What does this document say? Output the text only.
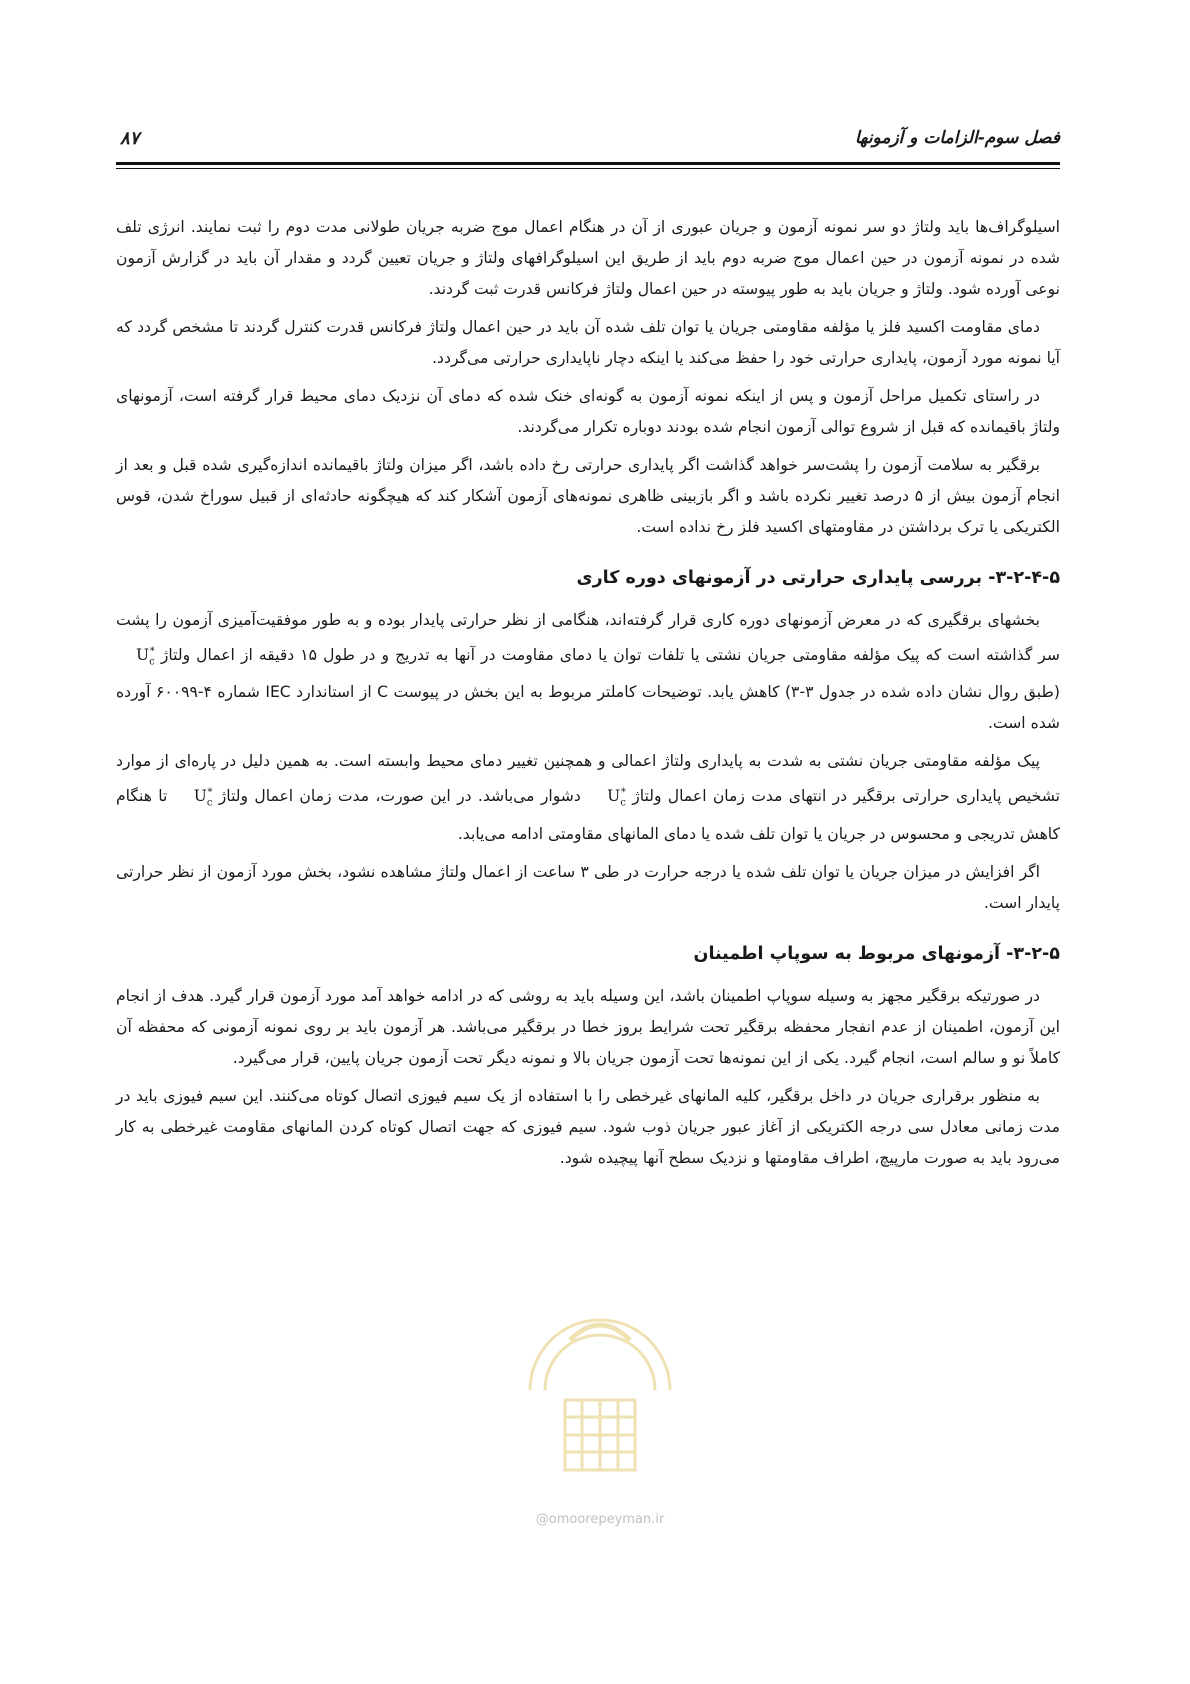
فصل سوم-الزامات و آزمونها
۸۷

اسیلوگراف‌ها باید ولتاژ دو سر نمونه آزمون و جریان عبوری از آن در هنگام اعمال موج ضربه جریان طولانی مدت دوم را ثبت نمایند. انرژی تلف شده در نمونه آزمون در حین اعمال موج ضربه دوم باید از طریق این اسیلوگرافهای ولتاژ و جریان تعیین گردد و مقدار آن باید در گزارش آزمون نوعی آورده شود. ولتاژ و جریان باید به طور پیوسته در حین اعمال ولتاژ فرکانس قدرت ثبت گردند.

دمای مقاومت اکسید فلز یا مؤلفه مقاومتی جریان یا توان تلف شده آن باید در حین اعمال ولتاژ فرکانس قدرت کنترل گردند تا مشخص گردد که آیا نمونه مورد آزمون، پایداری حرارتی خود را حفظ می‌کند یا اینکه دچار ناپایداری حرارتی می‌گردد.

در راستای تکمیل مراحل آزمون و پس از اینکه نمونه آزمون به گونه‌ای خنک شده که دمای آن نزدیک دمای محیط قرار گرفته است، آزمونهای ولتاژ باقیمانده که قبل از شروع توالی آزمون انجام شده بودند دوباره تکرار می‌گردند.

برقگیر به سلامت آزمون را پشت‌سر خواهد گذاشت اگر پایداری حرارتی رخ داده باشد، اگر میزان ولتاژ باقیمانده اندازه‌گیری شده قبل و بعد از انجام آزمون بیش از ۵ درصد تغییر نکرده باشد و اگر بازبینی ظاهری نمونه‌های آزمون آشکار کند که هیچگونه حادثه‌ای از قبیل سوراخ شدن، قوس الکتریکی یا ترک برداشتن در مقاومتهای اکسید فلز رخ نداده است.

۳-۲-۴-۵- بررسی پایداری حرارتی در آزمونهای دوره کاری

بخشهای برقگیری که در معرض آزمونهای دوره کاری قرار گرفته‌اند، هنگامی از نظر حرارتی پایدار بوده و به طور موفقیت‌آمیزی آزمون را پشت سر گذاشته است که پیک مؤلفه مقاومتی جریان نشتی یا تلفات توان یا دمای مقاومت در آنها به تدریج و در طول ۱۵ دقیقه از اعمال ولتاژ $U_c^*(طبق$ روال نشان داده شده در جدول ۳-۳) کاهش یابد. توضیحات کاملتر مربوط به این بخش در پیوست C از استاندارد IEC شماره ۴-۶۰۰۹۹ آورده شده است.

پیک مؤلفه مقاومتی جریان نشتی به شدت به پایداری ولتاژ اعمالی و همچنین تغییر دمای محیط وابسته است. به همین دلیل در پاره‌ای از موارد تشخیص پایداری حرارتی برقگیر در انتهای مدت زمان اعمال ولتاژ $U_c^*$ دشوار می‌باشد. در این صورت، مدت زمان اعمال ولتاژ $U_c^*$ تا هنگام کاهش تدریجی و محسوس در جریان یا توان تلف شده یا دمای المانهای مقاومتی ادامه می‌یابد.

اگر افزایش در میزان جریان یا توان تلف شده یا درجه حرارت در طی ۳ ساعت از اعمال ولتاژ مشاهده نشود، بخش مورد آزمون از نظر حرارتی پایدار است.

۳-۲-۵- آزمونهای مربوط به سوپاپ اطمینان

در صورتیکه برقگیر مجهز به وسیله سوپاپ اطمینان باشد، این وسیله باید به روشی که در ادامه خواهد آمد مورد آزمون قرار گیرد. هدف از انجام این آزمون، اطمینان از عدم انفجار محفظه برقگیر تحت شرایط بروز خطا در برقگیر می‌باشد. هر آزمون باید بر روی نمونه آزمونی که محفظه آن کاملاً نو و سالم است، انجام گیرد. یکی از این نمونه‌ها تحت آزمون جریان بالا و نمونه دیگر تحت آزمون جریان پایین، قرار می‌گیرد.

به منظور برقراری جریان در داخل برقگیر، کلیه المانهای غیرخطی را با استفاده از یک سیم فیوزی اتصال کوتاه می‌کنند. این سیم فیوزی باید در مدت زمانی معادل سی درجه الکتریکی از آغاز عبور جریان ذوب شود. سیم فیوزی که جهت اتصال کوتاه کردن المانهای مقاومت غیرخطی به کار می‌رود باید به صورت مارپیچ، اطراف مقاومتها و نزدیک سطح آنها پیچیده شود.

@omoorepeyman.ir
